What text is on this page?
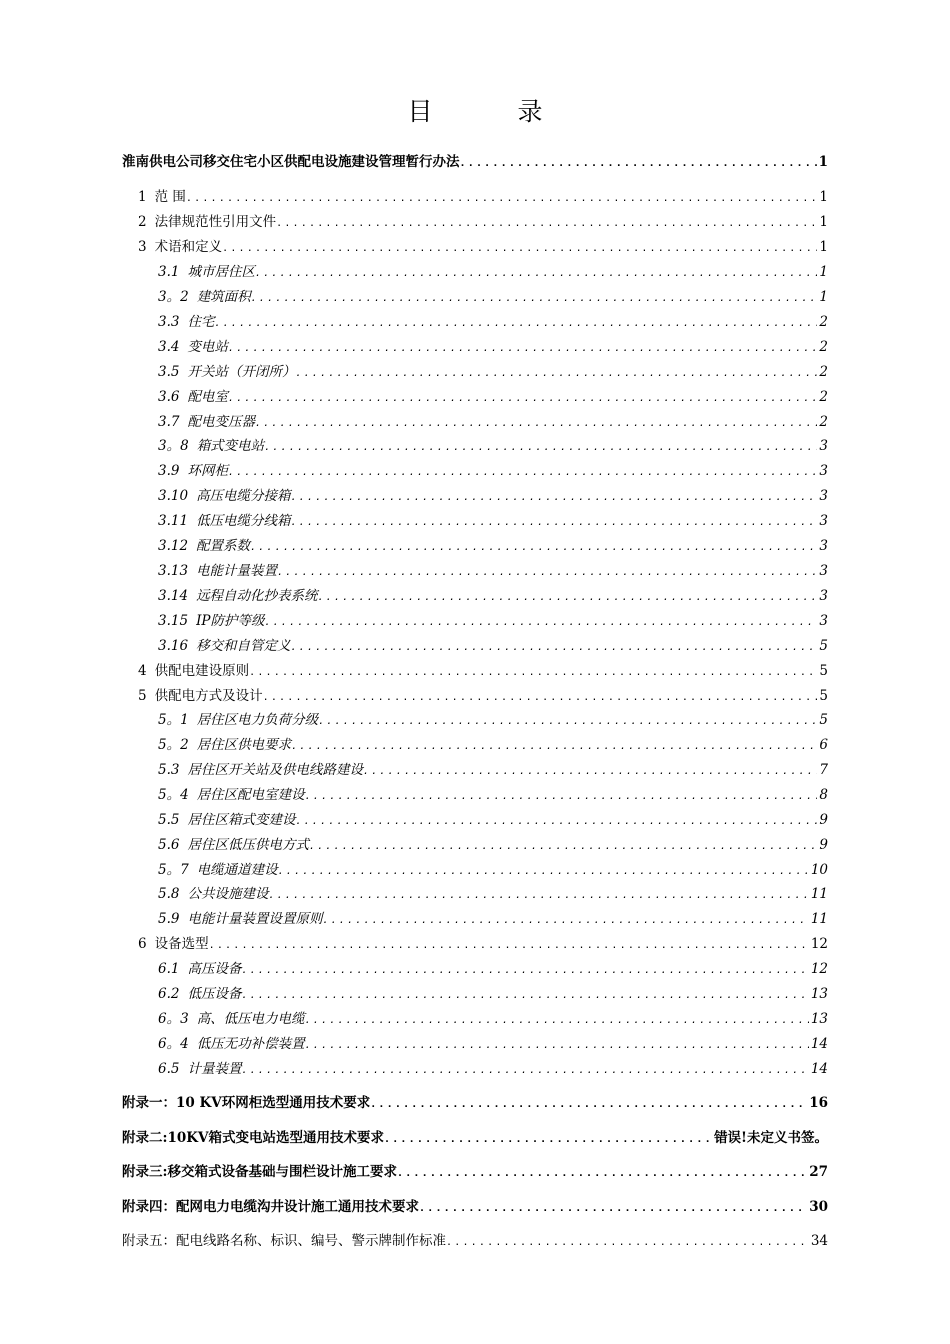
目　录
淮南供电公司移交住宅小区供配电设施建设管理暂行办法 .....	1
1 范 围 .....	1
2 法律规范性引用文件 .....	1
3 术语和定义 .....	1
3.1 城市居住区 .....	1
3。2 建筑面积 .....	1
3.3 住宅 .....	2
3.4 变电站 .....	2
3.5 开关站（开闭所） .....	2
3.6 配电室 .....	2
3.7 配电变压器 .....	2
3。8 箱式变电站 .....	3
3.9 环网柜 .....	3
3.10 高压电缆分接箱 .....	3
3.11 低压电缆分线箱 .....	3
3.12 配置系数 .....	3
3.13 电能计量装置 .....	3
3.14 远程自动化抄表系统 .....	3
3.15 IP防护等级 .....	3
3.16 移交和自管定义 .....	5
4 供配电建设原则 .....	5
5 供配电方式及设计 .....	5
5。1 居住区电力负荷分级 .....	5
5。2 居住区供电要求 .....	6
5.3 居住区开关站及供电线路建设 .....	7
5。4 居住区配电室建设 .....	8
5.5 居住区箱式变建设 .....	9
5.6 居住区低压供电方式 .....	9
5。7 电缆通道建设 .....	10
5.8 公共设施建设 .....	11
5.9 电能计量装置设置原则 .....	11
6 设备选型 .....	12
6.1 高压设备 .....	12
6.2 低压设备 .....	13
6。3 高、低压电力电缆 .....	13
6。4 低压无功补偿装置 .....	14
6.5 计量装置 .....	14
附录一：10 KV环网柜选型通用技术要求 .....	16
附录二:10KV箱式变电站选型通用技术要求 .....	错误!未定义书签。
附录三:移交箱式设备基础与围栏设计施工要求 .....	27
附录四：配网电力电缆沟井设计施工通用技术要求 .....	30
附录五：配电线路名称、标识、编号、警示牌制作标准 .....	34
